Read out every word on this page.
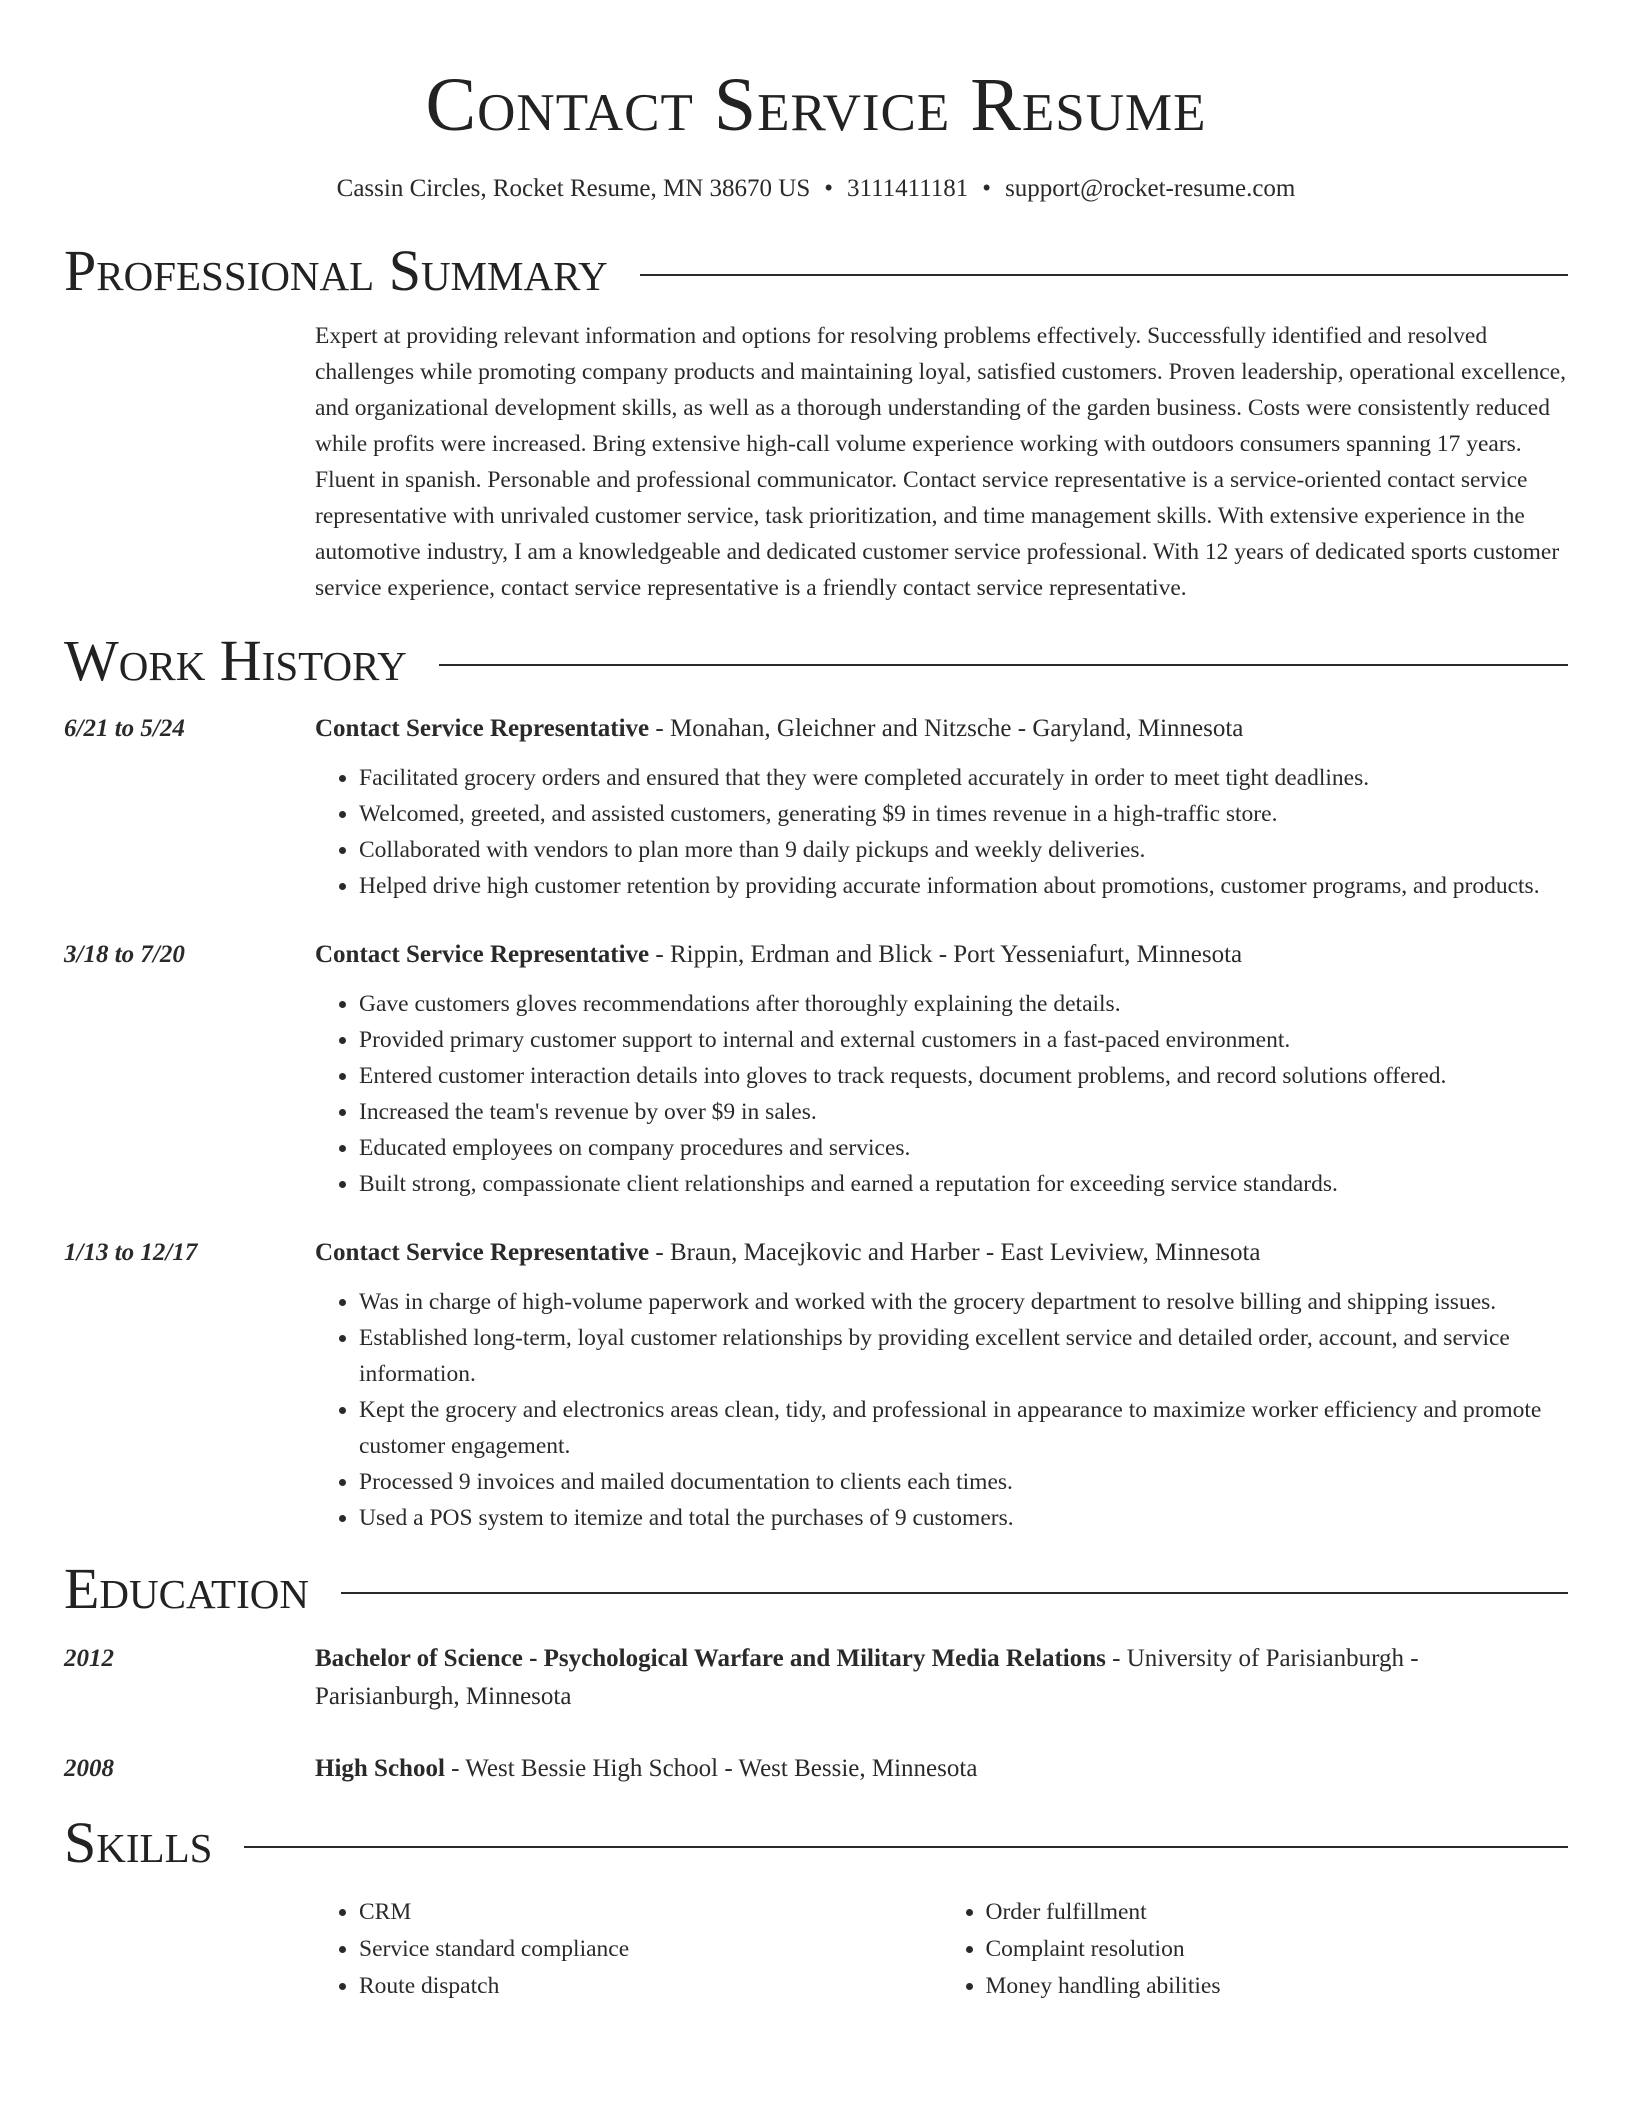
Contact Service Resume
Cassin Circles, Rocket Resume, MN 38670 US • 3111411181 • support@rocket-resume.com
Professional Summary
Expert at providing relevant information and options for resolving problems effectively. Successfully identified and resolved challenges while promoting company products and maintaining loyal, satisfied customers. Proven leadership, operational excellence, and organizational development skills, as well as a thorough understanding of the garden business. Costs were consistently reduced while profits were increased. Bring extensive high-call volume experience working with outdoors consumers spanning 17 years. Fluent in spanish. Personable and professional communicator. Contact service representative is a service-oriented contact service representative with unrivaled customer service, task prioritization, and time management skills. With extensive experience in the automotive industry, I am a knowledgeable and dedicated customer service professional. With 12 years of dedicated sports customer service experience, contact service representative is a friendly contact service representative.
Work History
6/21 to 5/24	Contact Service Representative - Monahan, Gleichner and Nitzsche - Garyland, Minnesota
• Facilitated grocery orders and ensured that they were completed accurately in order to meet tight deadlines.
• Welcomed, greeted, and assisted customers, generating $9 in times revenue in a high-traffic store.
• Collaborated with vendors to plan more than 9 daily pickups and weekly deliveries.
• Helped drive high customer retention by providing accurate information about promotions, customer programs, and products.
3/18 to 7/20	Contact Service Representative - Rippin, Erdman and Blick - Port Yesseniafurt, Minnesota
• Gave customers gloves recommendations after thoroughly explaining the details.
• Provided primary customer support to internal and external customers in a fast-paced environment.
• Entered customer interaction details into gloves to track requests, document problems, and record solutions offered.
• Increased the team's revenue by over $9 in sales.
• Educated employees on company procedures and services.
• Built strong, compassionate client relationships and earned a reputation for exceeding service standards.
1/13 to 12/17	Contact Service Representative - Braun, Macejkovic and Harber - East Leviview, Minnesota
• Was in charge of high-volume paperwork and worked with the grocery department to resolve billing and shipping issues.
• Established long-term, loyal customer relationships by providing excellent service and detailed order, account, and service information.
• Kept the grocery and electronics areas clean, tidy, and professional in appearance to maximize worker efficiency and promote customer engagement.
• Processed 9 invoices and mailed documentation to clients each times.
• Used a POS system to itemize and total the purchases of 9 customers.
Education
2012	Bachelor of Science - Psychological Warfare and Military Media Relations - University of Parisianburgh - Parisianburgh, Minnesota
2008	High School - West Bessie High School - West Bessie, Minnesota
Skills
• CRM
• Service standard compliance
• Route dispatch
• Order fulfillment
• Complaint resolution
• Money handling abilities
